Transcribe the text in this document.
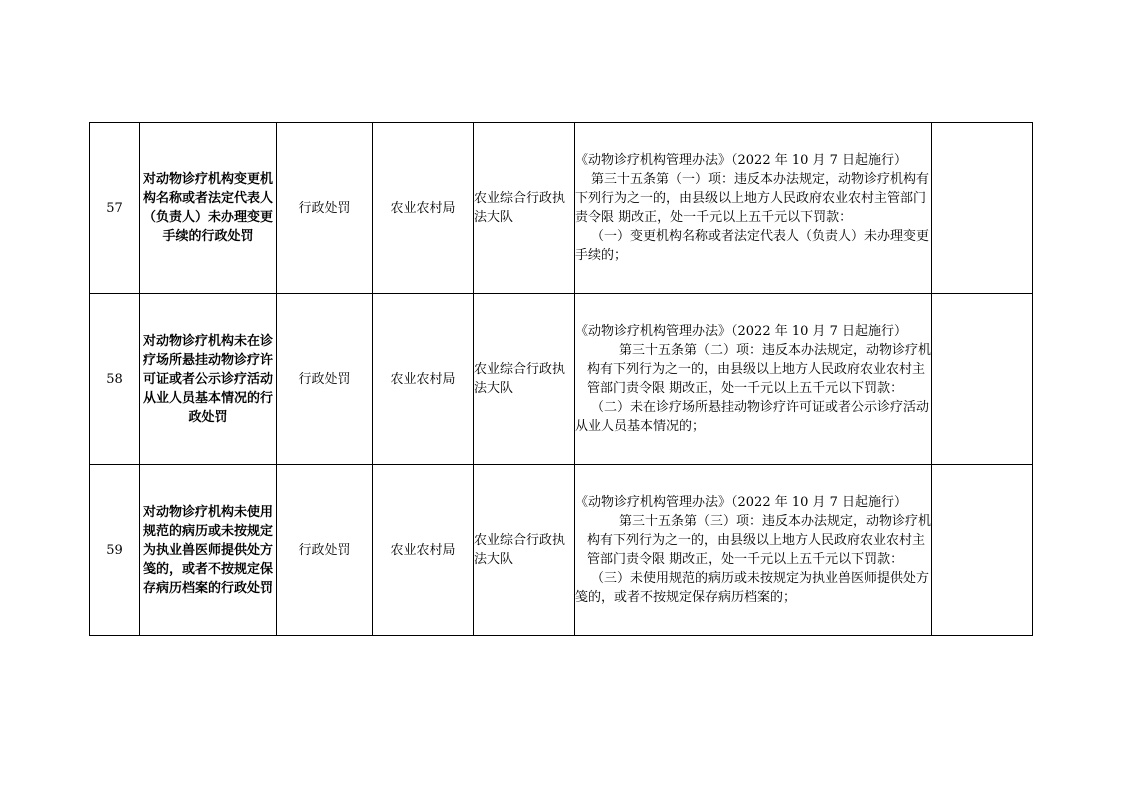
57	对动物诊疗机构变更机构名称或者法定代表人（负责人）未办理变更手续的行政处罚	行政处罚	农业农村局	农业综合行政执法大队	《动物诊疗机构管理办法》（2022 年 10 月 7 日起施行）
第三十五条第（一）项：违反本办法规定，动物诊疗机构有下列行为之一的，由县级以上地方人民政府农业农村主管部门责令限 期改正，处一千元以上五千元以下罚款：
（一）变更机构名称或者法定代表人（负责人）未办理变更手续的；	

58	对动物诊疗机构未在诊疗场所悬挂动物诊疗许可证或者公示诊疗活动从业人员基本情况的行政处罚	行政处罚	农业农村局	农业综合行政执法大队	《动物诊疗机构管理办法》（2022 年 10 月 7 日起施行）
第三十五条第（二）项：违反本办法规定，动物诊疗机构有下列行为之一的，由县级以上地方人民政府农业农村主管部门责令限 期改正，处一千元以上五千元以下罚款：
（二）未在诊疗场所悬挂动物诊疗许可证或者公示诊疗活动从业人员基本情况的；	

59	对动物诊疗机构未使用规范的病历或未按规定为执业兽医师提供处方笺的，或者不按规定保存病历档案的行政处罚	行政处罚	农业农村局	农业综合行政执法大队	《动物诊疗机构管理办法》（2022 年 10 月 7 日起施行）
第三十五条第（三）项：违反本办法规定，动物诊疗机构有下列行为之一的，由县级以上地方人民政府农业农村主管部门责令限 期改正，处一千元以上五千元以下罚款：
（三）未使用规范的病历或未按规定为执业兽医师提供处方笺的，或者不按规定保存病历档案的；	
